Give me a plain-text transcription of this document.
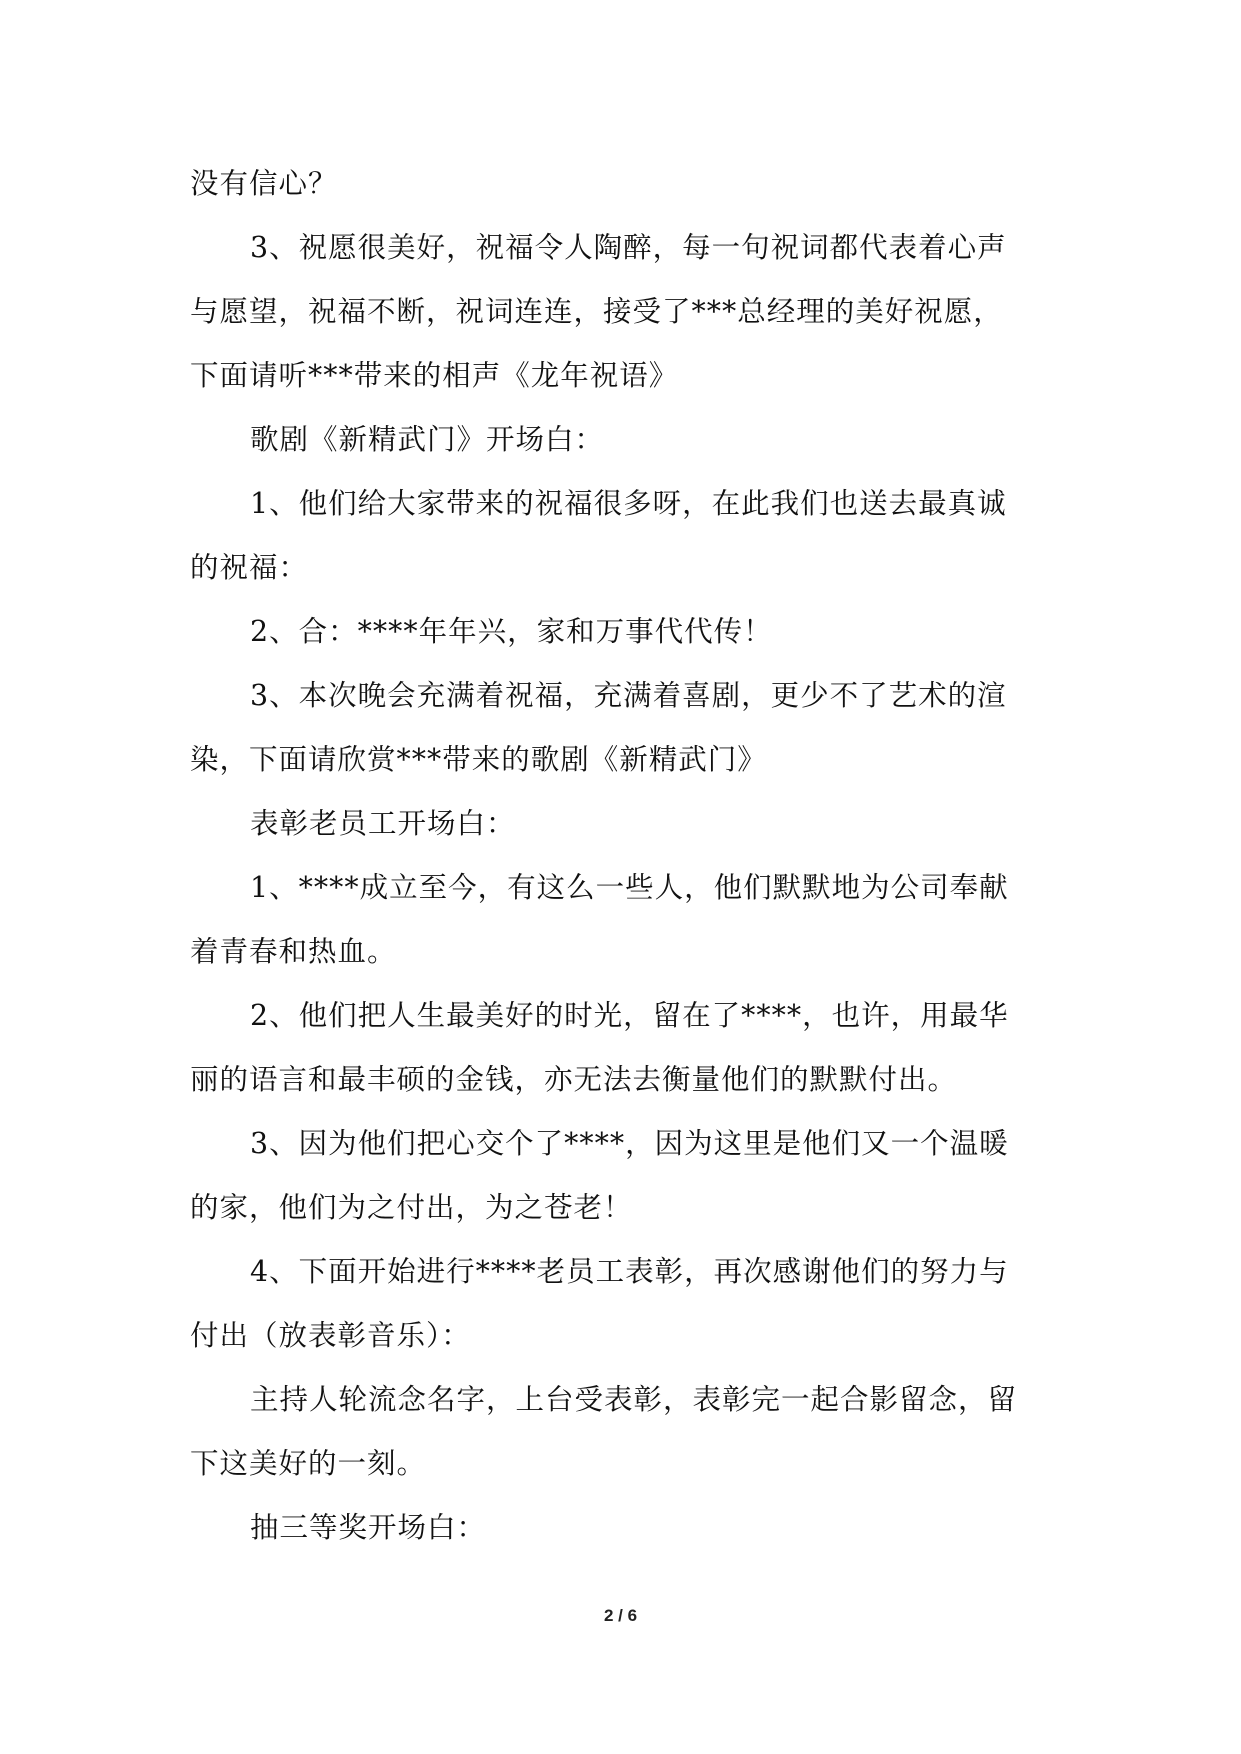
没有信心？

3、祝愿很美好，祝福令人陶醉，每一句祝词都代表着心声

与愿望，祝福不断，祝词连连，接受了***总经理的美好祝愿，

下面请听***带来的相声《龙年祝语》

歌剧《新精武门》开场白：

1、他们给大家带来的祝福很多呀，在此我们也送去最真诚

的祝福：

2、合：****年年兴，家和万事代代传！

3、本次晚会充满着祝福，充满着喜剧，更少不了艺术的渲

染，下面请欣赏***带来的歌剧《新精武门》

表彰老员工开场白：

1、****成立至今，有这么一些人，他们默默地为公司奉献

着青春和热血。

2、他们把人生最美好的时光，留在了****，也许，用最华

丽的语言和最丰硕的金钱，亦无法去衡量他们的默默付出。

3、因为他们把心交个了****，因为这里是他们又一个温暖

的家，他们为之付出，为之苍老！

4、下面开始进行****老员工表彰，再次感谢他们的努力与

付出（放表彰音乐）：

主持人轮流念名字，上台受表彰，表彰完一起合影留念，留

下这美好的一刻。

抽三等奖开场白：

2 / 6
